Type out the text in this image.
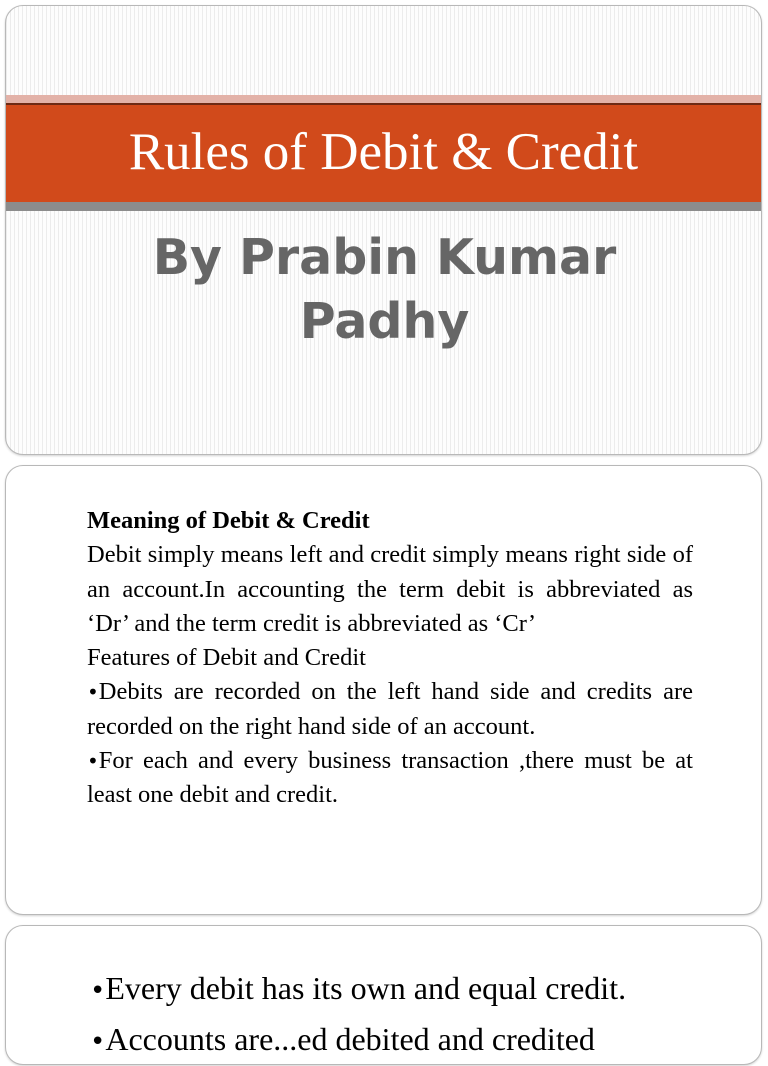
Rules of Debit & Credit

By Prabin Kumar Padhy

Meaning of Debit & Credit
Debit simply means left and credit simply means right side of an account.In accounting the term debit is abbreviated as ‘Dr’ and the term credit is abbreviated as ‘Cr’
Features of Debit and Credit
•Debits are recorded on the left hand side and credits are recorded on the right hand side of an account.
•For each and every business transaction ,there must be at least one debit and credit.
•Every debit has its own and equal credit.
•Accounts are...ed debited and credited
